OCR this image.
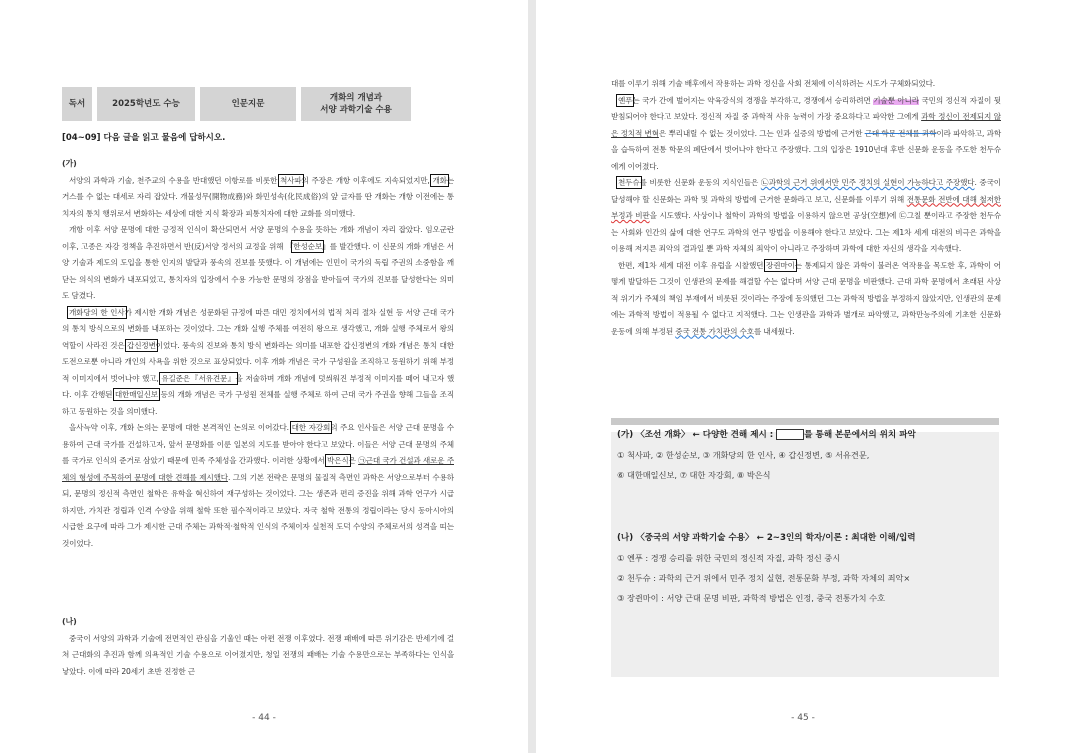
독서	2025학년도 수능	인문지문
개화의 개념과
서양 과학기술 수용
[04~09] 다음 글을 읽고 물음에 답하시오.
(가)

서양의 과학과 기술, 천주교의 수용을 반대했던 이항로를 비롯한 척사파의 주장은 개항 이후에도 지속되었지만, 개화는 거스를 수 없는 대세로 자리 잡았다. 개물성무(開物成務)와 화민성속(化民成俗)의 앞 글자를 딴 개화는 개항 이전에는 통치자의 통치 행위로서 변화하는 세상에 대한 지식 확장과 피통치자에 대한 교화를 의미했다.

개항 이후 서양 문명에 대한 긍정적 인식이 확산되면서 서양 문명의 수용을 뜻하는 개화 개념이 자리 잡았다. 임오군란 이후, 고종은 자강 정책을 추진하면서 반(反)서양 정서의 교정을 위해 『한성순보』를 발간했다. 이 신문의 개화 개념은 서양 기술과 제도의 도입을 통한 인지의 발달과 풍속의 진보를 뜻했다. 이 개념에는 인민이 국가의 독립 주권의 소중함을 깨닫는 의식의 변화가 내포되었고, 통치자의 입장에서 수용 가능한 문명의 장점을 받아들여 국가의 진보를 달성한다는 의미도 담겼다.

개화당의 한 인사가 제시한 개화 개념은 성문화된 규정에 따른 대민 정치에서의 법적 처리 절차 실현 등 서양 근대 국가의 통치 방식으로의 변화를 내포하는 것이었다. 그는 개화 실행 주체를 여전히 왕으로 생각했고, 개화 실행 주체로서 왕의 역할이 사라진 것은 갑신정변이었다. 풍속의 진보와 통치 방식 변화라는 의미를 내포한 갑신정변의 개화 개념은 통치 대한 도전으로뿐 아니라 개인의 사욕을 위한 것으로 표상되었다. 이후 개화 개념은 국가 구성원을 조직하고 동원하기 위해 부정적 이미지에서 벗어나야 했고, 유길준은『서유견문』을 저술하며 개화 개념에 덧씌워진 부정적 이미지를 떼어 내고자 했다. 이후 간행된 대한매일신보 등의 개화 개념은 국가 구성원 전체를 실행 주체로 하여 근대 국가 주권을 향해 그들을 조직하고 동원하는 것을 의미했다.

을사늑약 이후, 개화 논의는 문명에 대한 본격적인 논의로 이어갔다. 대한 자강회의 주요 인사들은 서양 근대 문명을 수용하여 근대 국가를 건설하고자, 앞서 문명화를 이룬 일본의 지도를 받아야 한다고 보았다. 이들은 서양 근대 문명의 주체를 국가로 인식의 준거로 삼았기 때문에 민족 주체성을 간과했다. 이러한 상황에서 박은식은 ㉠근대 국가 건설과 새로운 주체의 형성에 주목하여 문명에 대한 견해를 제시했다. 그의 기본 전략은 문명의 물질적 측면인 과학은 서양으로부터 수용하되, 문명의 정신적 측면인 철학은 유학을 혁신하여 재구성하는 것이었다. 그는 생존과 편리 증진을 위해 과학 연구가 시급하지만, 가치관 정립과 인격 수양을 위해 철학 또한 필수적이라고 보았다. 자국 철학 전통의 정립이라는 당시 동아시아의 시급한 요구에 따라 그가 제시한 근대 주체는 과학적·철학적 인식의 주체이자 실천적 도덕 수양의 주체로서의 성격을 띠는 것이었다.

(나)

중국이 서양의 과학과 기술에 전면적인 관심을 기울인 때는 아편 전쟁 이후였다. 전쟁 패배에 따른 위기감은 반세기에 걸쳐 근대화의 추진과 함께 의욕적인 기술 수용으로 이어졌지만, 청일 전쟁의 패배는 기술 수용만으로는 부족하다는 인식을 낳았다. 이에 따라 20세기 초반 진정한 근

- 44 -	- 45 -
대를 이루기 위해 기술 배후에서 작용하는 과학 정신을 사회 전체에 이식하려는 시도가 구체화되었다.

옌푸는 국가 간에 벌어지는 약육강식의 경쟁을 부각하고, 경쟁에서 승리하려면 기술뿐 아니라 국민의 정신적 자질이 뒷받침되어야 한다고 보았다. 정신적 자질 중 과학적 사유 능력이 가장 중요하다고 파악한 그에게 과학 정신이 전제되지 않은 정치적 변혁은 뿌리내릴 수 없는 것이었다. 그는 인과 실증의 방법에 근거한 근대 학문 전체를 과학이라 파악하고, 과학을 습득하여 전통 학문의 폐단에서 벗어나야 한다고 주장했다. 그의 입장은 1910년대 후반 신문화 운동을 주도한 천두슈에게 이어졌다.

천두슈를 비롯한 신문화 운동의 지식인들은 ㉡과학의 근거 위에서만 민주 정치의 실현이 가능하다고 주장했다. 중국이 달성해야 할 신문화는 과학 및 과학의 방법에 근거한 문화라고 보고, 신문화를 이루기 위해 전통문화 전반에 대해 철저한 부정과 비판을 시도했다. 사상이나 철학이 과학의 방법을 이용하지 않으면 공상(空想)에 ㉢그칠 뿐이라고 주장한 천두슈는 사회와 인간의 삶에 대한 연구도 과학의 연구 방법을 이용해야 한다고 보았다. 그는 제1차 세계 대전의 비극은 과학을 이용해 저지른 죄악의 결과일 뿐 과학 자체의 죄악이 아니라고 주장하며 과학에 대한 자신의 생각을 지속했다.

한편, 제1차 세계 대전 이후 유럽을 시찰했던 장쥔마이는 통제되지 않은 과학이 불러온 역작용을 목도한 후, 과학이 어떻게 발달하든 그것이 인생관의 문제를 해결할 수는 없다며 서양 근대 문명을 비판했다. 근대 과학 문명에서 초래된 사상적 위기가 주체의 책임 부재에서 비롯된 것이라는 주장에 동의했던 그는 과학적 방법을 부정하지 않았지만, 인생관의 문제에는 과학적 방법이 적용될 수 없다고 지적했다. 그는 인생관을 과학과 별개로 파악했고, 과학만능주의에 기초한 신문화 운동에 의해 부정된 중국 전통 가치관의 수호를 내세웠다.

(가) 〈조선 개화〉 ← 다양한 견해 제시 :	를 통해 본문에서의 위치 파악
① 척사파, ② 한성순보, ③ 개화당의 한 인사, ④ 갑신정변, ⑤ 서유견문,
⑥ 대한매일신보, ⑦ 대한 자강회, ⑧ 박은식
(나) 〈중국의 서양 과학기술 수용〉 ← 2~3인의 학자/이론 : 최대한 이해/입력
① 옌푸 : 경쟁 승리를 위한 국민의 정신적 자질, 과학 정신 중시
② 천두슈 : 과학의 근거 위에서 민주 정치 실현, 전통문화 부정, 과학 자체의 죄악×
③ 장쥔마이 : 서양 근대 문명 비판, 과학적 방법은 인정, 중국 전통가치 수호
